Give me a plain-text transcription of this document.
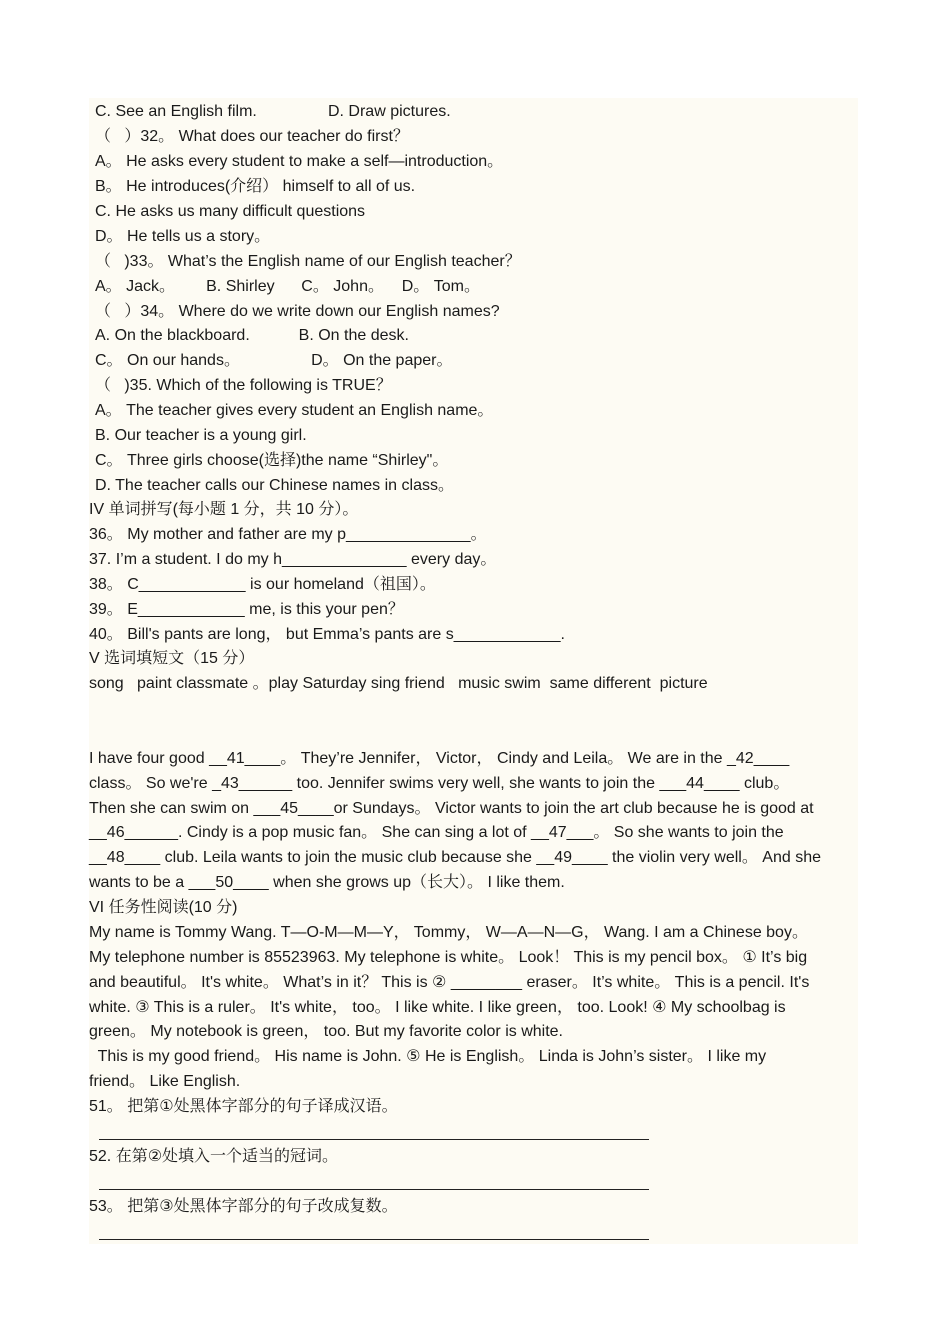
C. See an English film.                D. Draw pictures.
（   ）32。 What does our teacher do first？
A。 He asks every student to make a self—introduction。
B。 He introduces(介绍） himself to all of us.
C. He asks us many difficult questions
D。 He tells us a story。
（   )33。 What’s the English name of our English teacher？
A。 Jack。       B. Shirley      C。 John。    D。 Tom。
（   ）34。 Where do we write down our English names?
A. On the blackboard.           B. On the desk.
C。 On our hands。                D。 On the paper。
（   )35. Which of the following is TRUE？
A。 The teacher gives every student an English name。
B. Our teacher is a young girl.
C。 Three girls choose(选择)the name “Shirley"。
D. The teacher calls our Chinese names in class。
IV 单词拼写(每小题 1 分，共 10 分）。
36。 My mother and father are my p______________。
37. I’m a student. I do my h______________ every day。
38。 C____________ is our homeland（祖国）。
39。 E____________ me, is this your pen？
40。 Bill's pants are long， but Emma’s pants are s____________.
V 选词填短文（15 分）
song   paint classmate 。play Saturday sing friend   music swim  same different  picture
I have four good __41____。 They’re Jennifer， Victor， Cindy and Leila。 We are in the _42____
class。 So we're _43______ too. Jennifer swims very well, she wants to join the ___44____ club。
Then she can swim on ___45____or Sundays。 Victor wants to join the art club because he is good at
__46______. Cindy is a pop music fan。 She can sing a lot of __47___。 So she wants to join the
__48____ club. Leila wants to join the music club because she __49____ the violin very well。 And she
wants to be a ___50____ when she grows up（长大）。 I like them.
VI 任务性阅读(10 分)
My name is Tommy Wang. T—O-M—M—Y， Tommy， W—A—N—G， Wang. I am a Chinese boy。
My telephone number is 85523963. My telephone is white。 Look！ This is my pencil box。 ① It’s big
and beautiful。 It's white。 What’s in it？ This is ② ________ eraser。 It’s white。 This is a pencil. It's
white. ③ This is a ruler。 It's white， too。 I like white. I like green， too. Look! ④ My schoolbag is
green。 My notebook is green， too. But my favorite color is white.
This is my good friend。 His name is John. ⑤ He is English。 Linda is John’s sister。 I like my
friend。 Like English.
51。 把第①处黑体字部分的句子译成汉语。
52. 在第②处填入一个适当的冠词。
53。 把第③处黑体字部分的句子改成复数。
